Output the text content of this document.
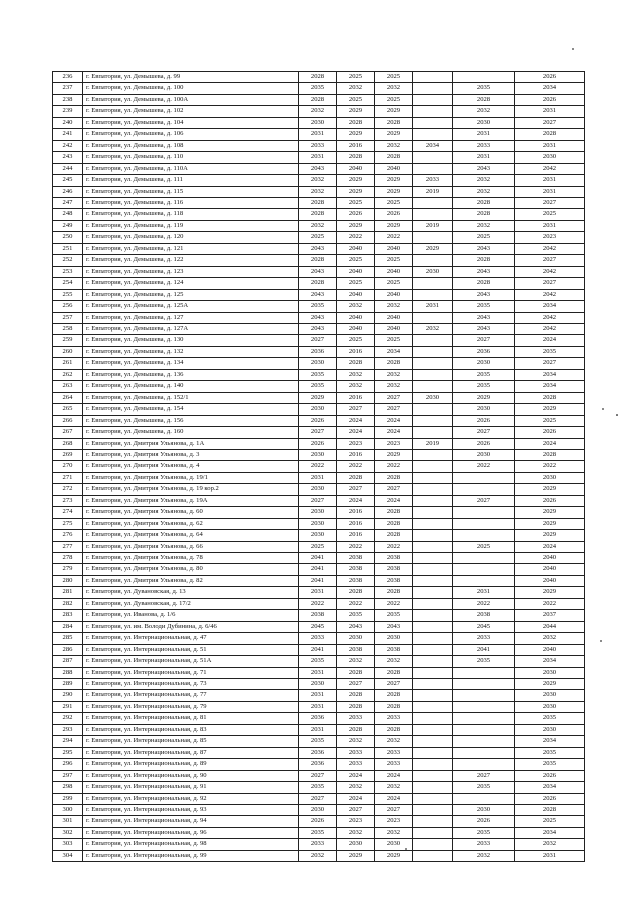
236	г. Евпатория, ул. Демышева, д. 99	2028	2025	2025			2026
237	г. Евпатория, ул. Демышева, д. 100	2035	2032	2032		2035	2034
238	г. Евпатория, ул. Демышева, д. 100А	2028	2025	2025		2028	2026
239	г. Евпатория, ул. Демышева, д. 102	2032	2029	2029		2032	2031
240	г. Евпатория, ул. Демышева, д. 104	2030	2028	2028		2030	2027
241	г. Евпатория, ул. Демышева, д. 106	2031	2029	2029		2031	2028
242	г. Евпатория, ул. Демышева, д. 108	2033	2016	2032	2034	2033	2031
243	г. Евпатория, ул. Демышева, д. 110	2031	2028	2028		2031	2030
244	г. Евпатория, ул. Демышева, д. 110А	2043	2040	2040		2043	2042
245	г. Евпатория, ул. Демышева, д. 111	2032	2029	2029	2033	2032	2031
246	г. Евпатория, ул. Демышева, д. 115	2032	2029	2029	2019	2032	2031
247	г. Евпатория, ул. Демышева, д. 116	2028	2025	2025		2028	2027
248	г. Евпатория, ул. Демышева, д. 118	2028	2026	2026		2028	2025
249	г. Евпатория, ул. Демышева, д. 119	2032	2029	2029	2019	2032	2031
250	г. Евпатория, ул. Демышева, д. 120	2025	2022	2022		2025	2023
251	г. Евпатория, ул. Демышева, д. 121	2043	2040	2040	2029	2043	2042
252	г. Евпатория, ул. Демышева, д. 122	2028	2025	2025		2028	2027
253	г. Евпатория, ул. Демышева, д. 123	2043	2040	2040	2030	2043	2042
254	г. Евпатория, ул. Демышева, д. 124	2028	2025	2025		2028	2027
255	г. Евпатория, ул. Демышева, д. 125	2043	2040	2040		2043	2042
256	г. Евпатория, ул. Демышева, д. 125А	2035	2032	2032	2031	2035	2034
257	г. Евпатория, ул. Демышева, д. 127	2043	2040	2040		2043	2042
258	г. Евпатория, ул. Демышева, д. 127А	2043	2040	2040	2032	2043	2042
259	г. Евпатория, ул. Демышева, д. 130	2027	2025	2025		2027	2024
260	г. Евпатория, ул. Демышева, д. 132	2036	2016	2034		2036	2035
261	г. Евпатория, ул. Демышева, д. 134	2030	2028	2028		2030	2027
262	г. Евпатория, ул. Демышева, д. 136	2035	2032	2032		2035	2034
263	г. Евпатория, ул. Демышева, д. 140	2035	2032	2032		2035	2034
264	г. Евпатория, ул. Демышева, д. 152/1	2029	2016	2027	2030	2029	2028
265	г. Евпатория, ул. Демышева, д. 154	2030	2027	2027		2030	2029
266	г. Евпатория, ул. Демышева, д. 156	2026	2024	2024		2026	2025
267	г. Евпатория, ул. Демышева, д. 160	2027	2024	2024		2027	2026
268	г. Евпатория, ул. Дмитрия Ульянова, д. 1А	2026	2023	2023	2019	2026	2024
269	г. Евпатория, ул. Дмитрия Ульянова, д. 3	2030	2016	2029		2030	2028
270	г. Евпатория, ул. Дмитрия Ульянова, д. 4	2022	2022	2022		2022	2022
271	г. Евпатория, ул. Дмитрия Ульянова, д. 19/1	2031	2028	2028			2030
272	г. Евпатория, ул. Дмитрия Ульянова, д. 19 кор.2	2030	2027	2027			2029
273	г. Евпатория, ул. Дмитрия Ульянова, д. 19А	2027	2024	2024		2027	2026
274	г. Евпатория, ул. Дмитрия Ульянова, д. 60	2030	2016	2028			2029
275	г. Евпатория, ул. Дмитрия Ульянова, д. 62	2030	2016	2028			2029
276	г. Евпатория, ул. Дмитрия Ульянова, д. 64	2030	2016	2028			2029
277	г. Евпатория, ул. Дмитрия Ульянова, д. 66	2025	2022	2022		2025	2024
278	г. Евпатория, ул. Дмитрия Ульянова, д. 78	2041	2038	2038			2040
279	г. Евпатория, ул. Дмитрия Ульянова, д. 80	2041	2038	2038			2040
280	г. Евпатория, ул. Дмитрия Ульянова, д. 82	2041	2038	2038			2040
281	г. Евпатория, ул. Дувановская, д. 13	2031	2028	2028		2031	2029
282	г. Евпатория, ул. Дувановская, д. 17/2	2022	2022	2022		2022	2022
283	г. Евпатория, ул. Иванова, д. 1/6	2038	2035	2035		2038	2037
284	г. Евпатория, ул. им. Володи Дубинина, д. 6/46	2045	2043	2043		2045	2044
285	г. Евпатория, ул. Интернациональная, д. 47	2033	2030	2030		2033	2032
286	г. Евпатория, ул. Интернациональная, д. 51	2041	2038	2038		2041	2040
287	г. Евпатория, ул. Интернациональная, д. 51А	2035	2032	2032		2035	2034
288	г. Евпатория, ул. Интернациональная, д. 71	2031	2028	2028			2030
289	г. Евпатория, ул. Интернациональная, д. 73	2030	2027	2027			2029
290	г. Евпатория, ул. Интернациональная, д. 77	2031	2028	2028			2030
291	г. Евпатория, ул. Интернациональная, д. 79	2031	2028	2028			2030
292	г. Евпатория, ул. Интернациональная, д. 81	2036	2033	2033			2035
293	г. Евпатория, ул. Интернациональная, д. 83	2031	2028	2028			2030
294	г. Евпатория, ул. Интернациональная, д. 85	2035	2032	2032			2034
295	г. Евпатория, ул. Интернациональная, д. 87	2036	2033	2033			2035
296	г. Евпатория, ул. Интернациональная, д. 89	2036	2033	2033			2035
297	г. Евпатория, ул. Интернациональная, д. 90	2027	2024	2024		2027	2026
298	г. Евпатория, ул. Интернациональная, д. 91	2035	2032	2032		2035	2034
299	г. Евпатория, ул. Интернациональная, д. 92	2027	2024	2024			2026
300	г. Евпатория, ул. Интернациональная, д. 93	2030	2027	2027		2030	2028
301	г. Евпатория, ул. Интернациональная, д. 94	2026	2023	2023		2026	2025
302	г. Евпатория, ул. Интернациональная, д. 96	2035	2032	2032		2035	2034
303	г. Евпатория, ул. Интернациональная, д. 98	2033	2030	2030		2033	2032
304	г. Евпатория, ул. Интернациональная, д. 99	2032	2029	2029		2032	2031
